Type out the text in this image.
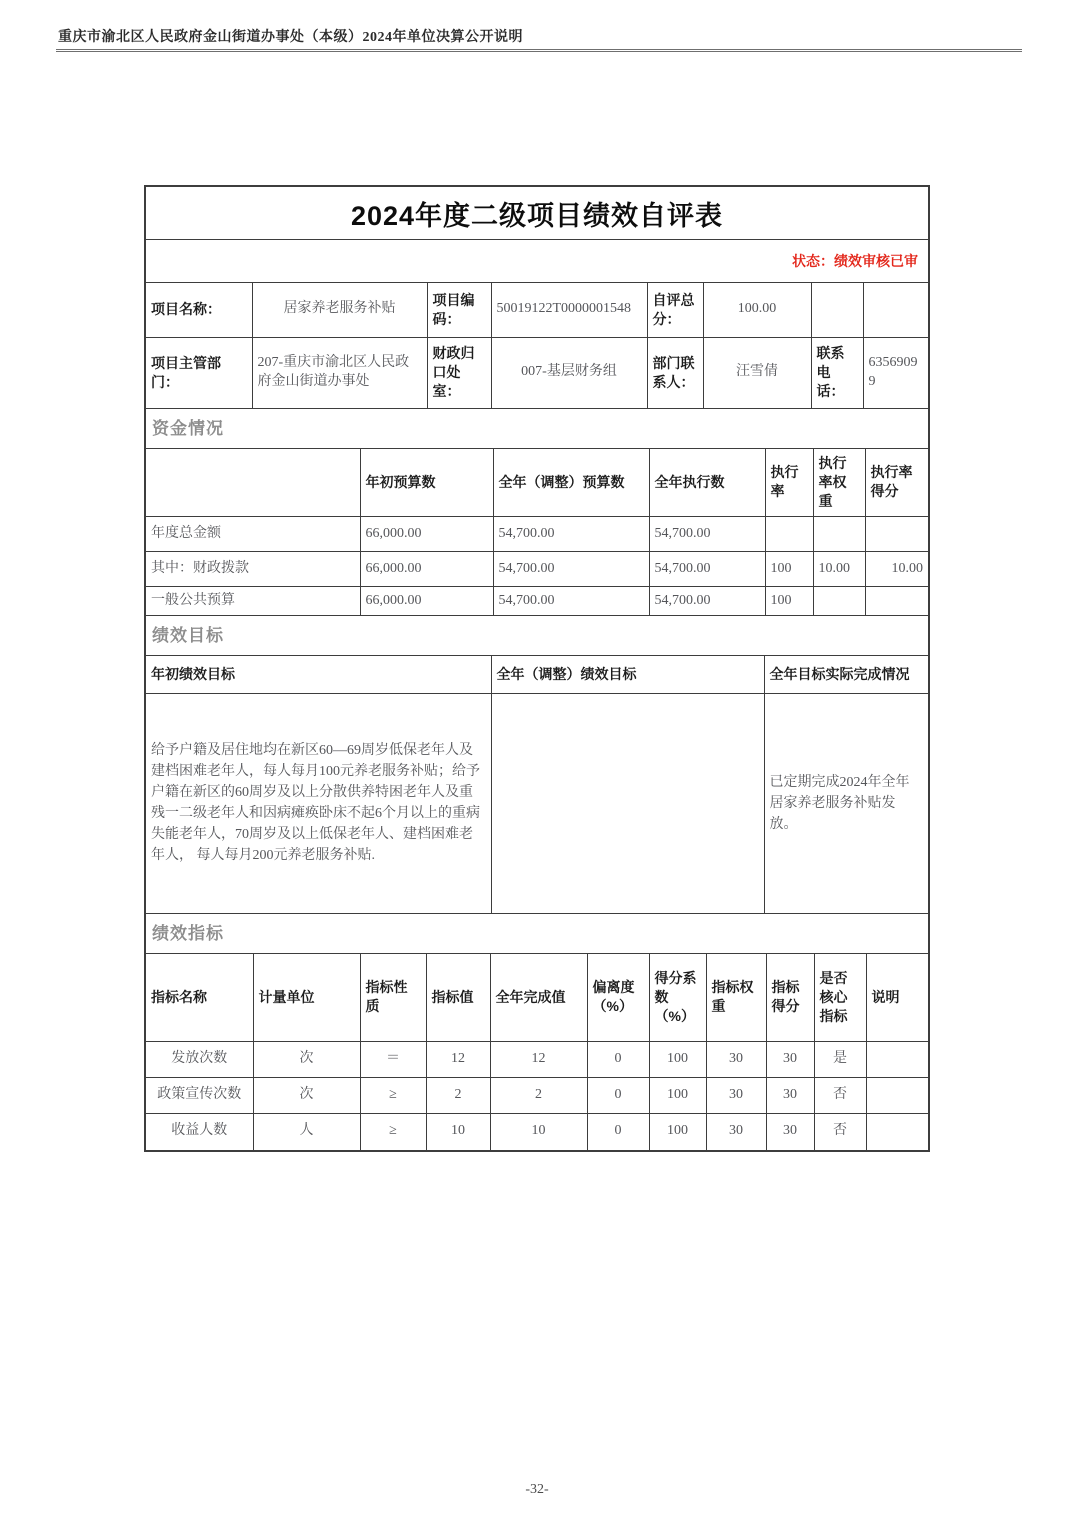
重庆市渝北区人民政府金山街道办事处（本级）2024年单位决算公开说明
2024年度二级项目绩效自评表
状态：绩效审核已审
项目名称：	居家养老服务补贴	项目编码：	50019122T0000001548	自评总分：	100.00		
项目主管部门：	207-重庆市渝北区人民政府金山街道办事处	财政归口处室：	007-基层财务组	部门联系人：	汪雪倩	联系电话：	63569099
资金情况
	年初预算数	全年（调整）预算数	全年执行数	执行率	执行率权重	执行率得分
年度总金额	66,000.00	54,700.00	54,700.00			
其中：财政拨款	66,000.00	54,700.00	54,700.00	100	10.00	10.00
一般公共预算	66,000.00	54,700.00	54,700.00	100		
绩效目标
年初绩效目标	全年（调整）绩效目标	全年目标实际完成情况
给予户籍及居住地均在新区60—69周岁低保老年人及建档困难老年人，每人每月100元养老服务补贴；给予户籍在新区的60周岁及以上分散供养特困老年人及重残一二级老年人和因病瘫痪卧床不起6个月以上的重病失能老年人，70周岁及以上低保老年人、建档困难老年人， 每人每月200元养老服务补贴.		已定期完成2024年全年居家养老服务补贴发放。
绩效指标
指标名称	计量单位	指标性质	指标值	全年完成值	偏离度（%）	得分系数（%）	指标权重	指标得分	是否核心指标	说明
发放次数	次	＝	12	12	0	100	30	30	是	
政策宣传次数	次	≥	2	2	0	100	30	30	否	
收益人数	人	≥	10	10	0	100	30	30	否	
-32-
